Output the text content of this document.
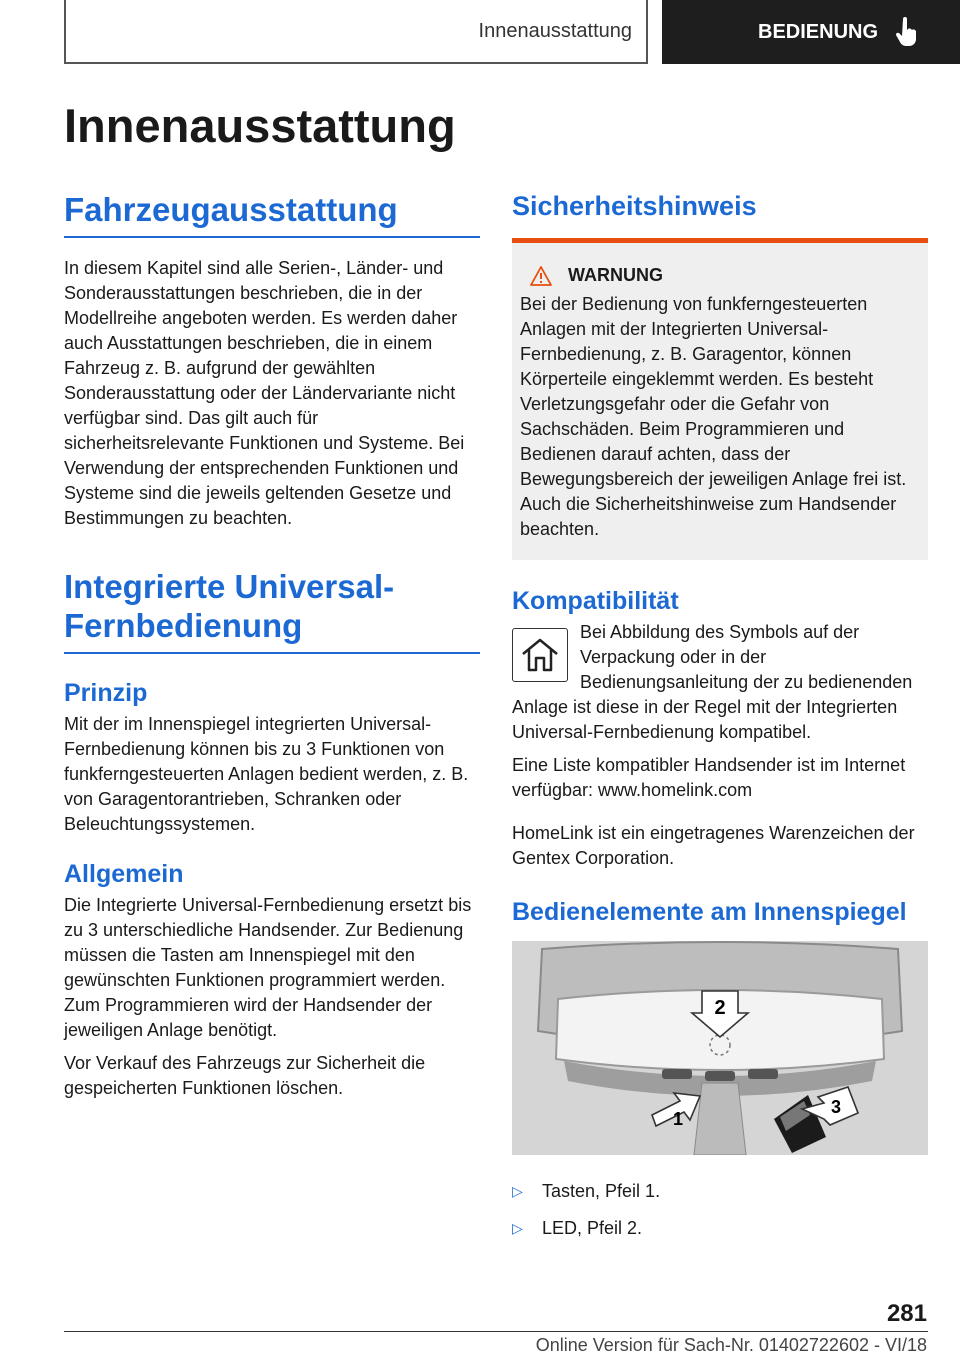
Innenausstattung	BEDIENUNG
Innenausstattung
Fahrzeugausstattung

In diesem Kapitel sind alle Serien-, Länder- und Sonderausstattungen beschrieben, die in der Modellreihe angeboten werden. Es werden daher auch Ausstattungen beschrieben, die in einem Fahrzeug z. B. aufgrund der gewählten Sonderausstattung oder der Ländervariante nicht verfügbar sind. Das gilt auch für sicherheitsrelevante Funktionen und Systeme. Bei Verwendung der entsprechenden Funktionen und Systeme sind die jeweils geltenden Gesetze und Bestimmungen zu beachten.

Integrierte Universal-Fernbedienung
Prinzip

Mit der im Innenspiegel integrierten Universal-Fernbedienung können bis zu 3 Funktionen von funkferngesteuerten Anlagen bedient werden, z. B. von Garagentorantrieben, Schranken oder Beleuchtungssystemen.

Allgemein

Die Integrierte Universal-Fernbedienung ersetzt bis zu 3 unterschiedliche Handsender. Zur Bedienung müssen die Tasten am Innenspiegel mit den gewünschten Funktionen programmiert werden. Zum Programmieren wird der Handsender der jeweiligen Anlage benötigt.

Vor Verkauf des Fahrzeugs zur Sicherheit die gespeicherten Funktionen löschen.

Sicherheitshinweis
WARNUNG

Bei der Bedienung von funkferngesteuerten Anlagen mit der Integrierten Universal-Fernbedienung, z. B. Garagentor, können Körperteile eingeklemmt werden. Es besteht Verletzungsgefahr oder die Gefahr von Sachschäden. Beim Programmieren und Bedienen darauf achten, dass der Bewegungsbereich der jeweiligen Anlage frei ist. Auch die Sicherheitshinweise zum Handsender beachten.

Kompatibilität

Bei Abbildung des Symbols auf der Verpackung oder in der Bedienungsanleitung der zu bedienenden Anlage ist diese in der Regel mit der Integrierten Universal-Fernbedienung kompatibel.

Eine Liste kompatibler Handsender ist im Internet verfügbar: www.homelink.com

HomeLink ist ein eingetragenes Warenzeichen der Gentex Corporation.

Bedienelemente am Innenspiegel
2
1
3
▷	Tasten, Pfeil 1.
▷	LED, Pfeil 2.
281
Online Version für Sach-Nr. 01402722602 - VI/18
